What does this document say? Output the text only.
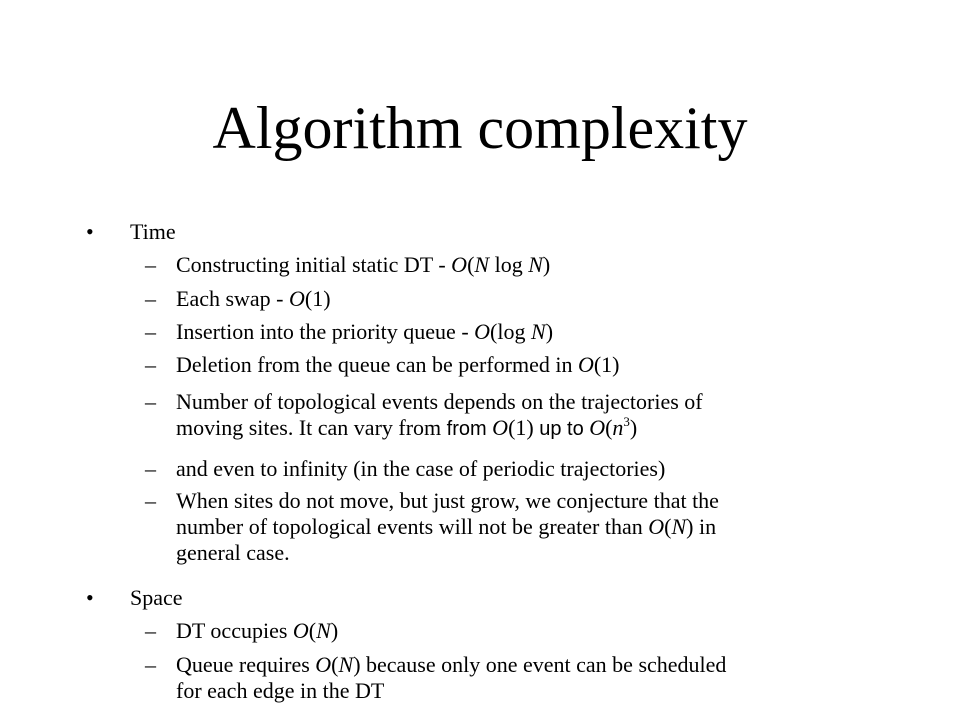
Algorithm complexity
• Time
– Constructing initial static DT - O(N log N)
– Each swap - O(1)
– Insertion into the priority queue - O(log N)
– Deletion from the queue can be performed in O(1)
– Number of topological events depends on the trajectories of
moving sites. It can vary from from O(1) up to $O(n^3)$
– and even to infinity (in the case of periodic trajectories)
– When sites do not move, but just grow, we conjecture that the
number of topological events will not be greater than O(N) in
general case.
• Space
– DT occupies O(N)
– Queue requires O(N) because only one event can be scheduled
for each edge in the DT
